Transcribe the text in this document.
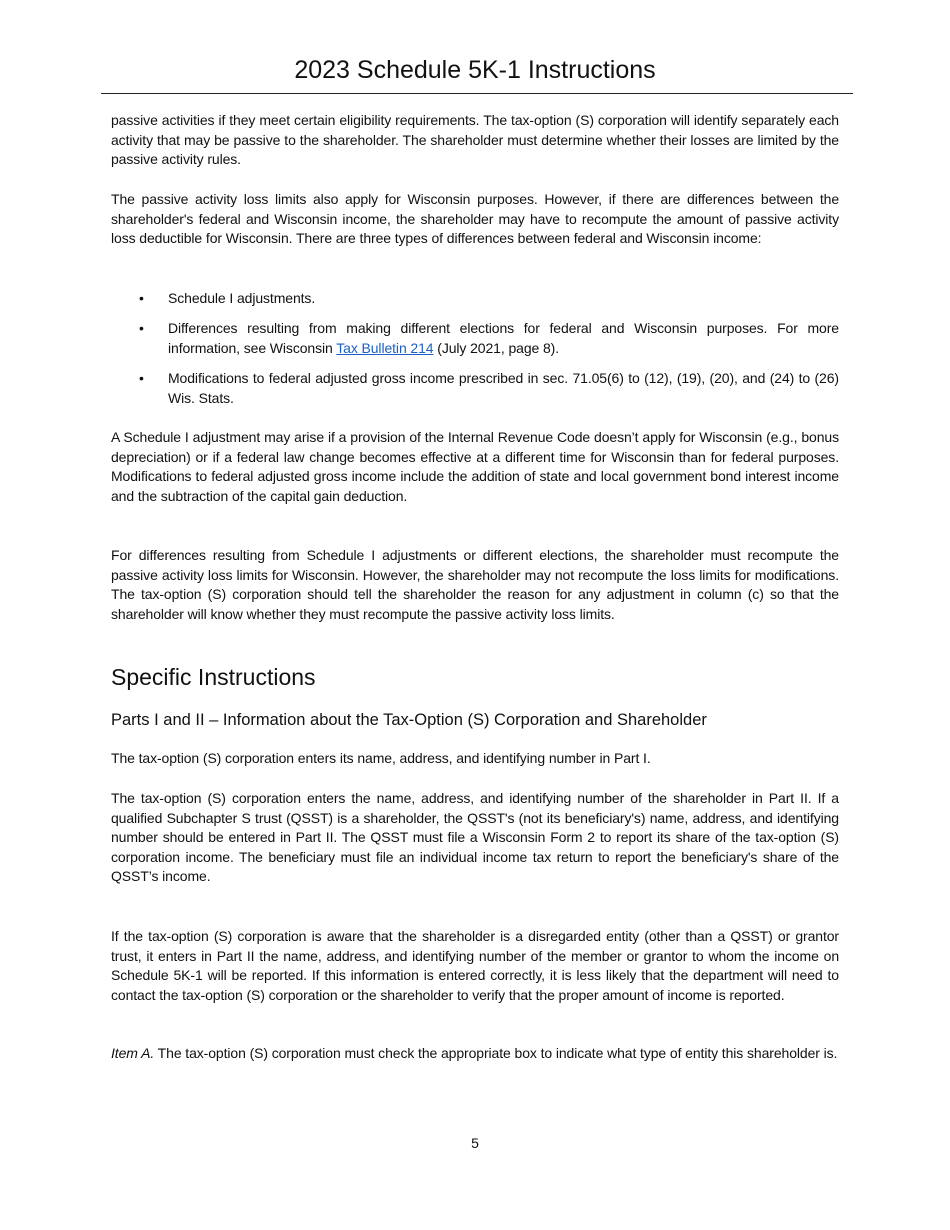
2023 Schedule 5K-1 Instructions

passive activities if they meet certain eligibility requirements. The tax-option (S) corporation will identify separately each activity that may be passive to the shareholder. The shareholder must determine whether their losses are limited by the passive activity rules.

The passive activity loss limits also apply for Wisconsin purposes. However, if there are differences between the shareholder's federal and Wisconsin income, the shareholder may have to recompute the amount of passive activity loss deductible for Wisconsin. There are three types of differences between federal and Wisconsin income:

• Schedule I adjustments.
• Differences resulting from making different elections for federal and Wisconsin purposes. For more information, see Wisconsin Tax Bulletin 214 (July 2021, page 8).
• Modifications to federal adjusted gross income prescribed in sec. 71.05(6) to (12), (19), (20), and (24) to (26) Wis. Stats.

A Schedule I adjustment may arise if a provision of the Internal Revenue Code doesn’t apply for Wisconsin (e.g., bonus depreciation) or if a federal law change becomes effective at a different time for Wisconsin than for federal purposes. Modifications to federal adjusted gross income include the addition of state and local government bond interest income and the subtraction of the capital gain deduction.

For differences resulting from Schedule I adjustments or different elections, the shareholder must recompute the passive activity loss limits for Wisconsin. However, the shareholder may not recompute the loss limits for modifications. The tax-option (S) corporation should tell the shareholder the reason for any adjustment in column (c) so that the shareholder will know whether they must recompute the passive activity loss limits.

Specific Instructions
Parts I and II – Information about the Tax-Option (S) Corporation and Shareholder

The tax-option (S) corporation enters its name, address, and identifying number in Part I.

The tax-option (S) corporation enters the name, address, and identifying number of the shareholder in Part II. If a qualified Subchapter S trust (QSST) is a shareholder, the QSST's (not its beneficiary's) name, address, and identifying number should be entered in Part II. The QSST must file a Wisconsin Form 2 to report its share of the tax-option (S) corporation income. The beneficiary must file an individual income tax return to report the beneficiary's share of the QSST’s income.

If the tax-option (S) corporation is aware that the shareholder is a disregarded entity (other than a QSST) or grantor trust, it enters in Part II the name, address, and identifying number of the member or grantor to whom the income on Schedule 5K-1 will be reported. If this information is entered correctly, it is less likely that the department will need to contact the tax-option (S) corporation or the shareholder to verify that the proper amount of income is reported.

Item A. The tax-option (S) corporation must check the appropriate box to indicate what type of entity this shareholder is.

5
